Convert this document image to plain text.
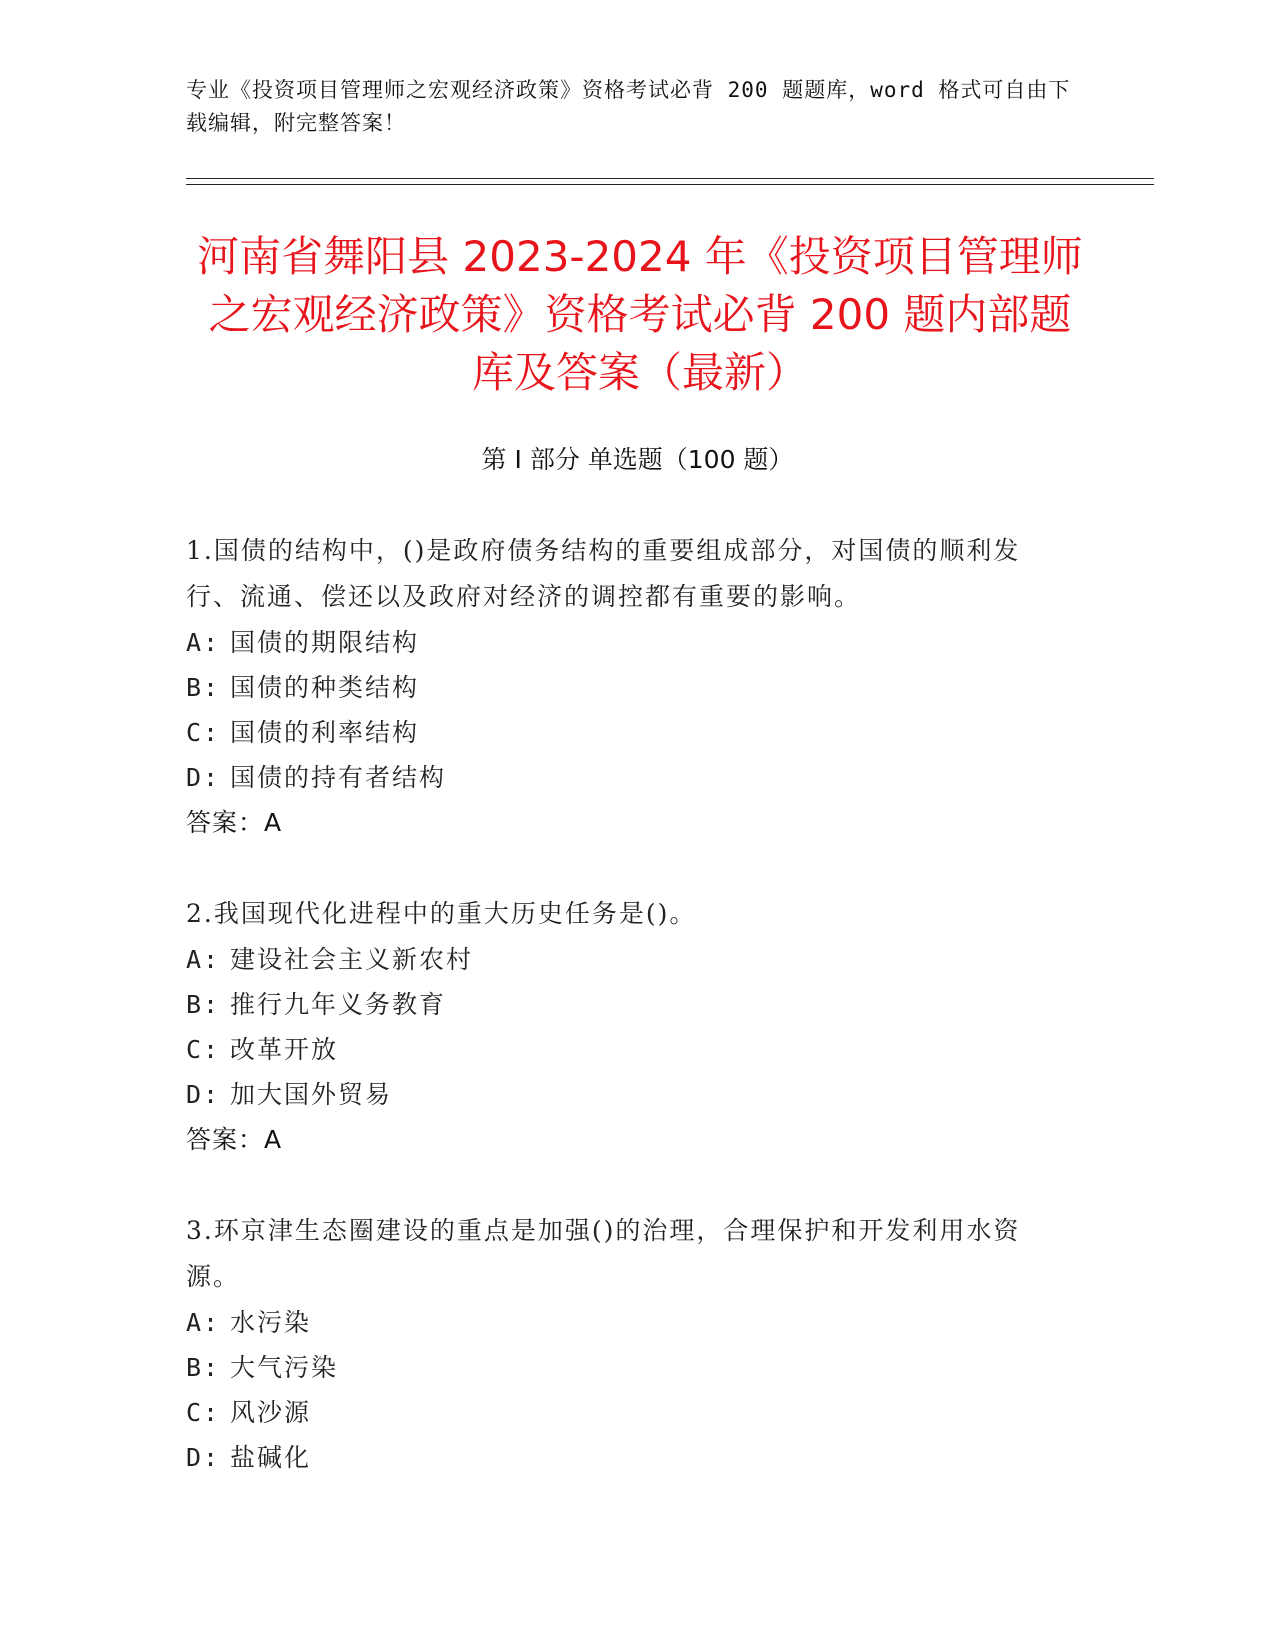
专业《投资项目管理师之宏观经济政策》资格考试必背 200 题题库，word 格式可自由下载编辑，附完整答案！
河南省舞阳县 2023-2024 年《投资项目管理师之宏观经济政策》资格考试必背 200 题内部题库及答案（最新）
第 I 部分 单选题（100 题）
1.国债的结构中，()是政府债务结构的重要组成部分，对国债的顺利发行、流通、偿还以及政府对经济的调控都有重要的影响。
A: 国债的期限结构
B: 国债的种类结构
C: 国债的利率结构
D: 国债的持有者结构
答案：A
2.我国现代化进程中的重大历史任务是()。
A: 建设社会主义新农村
B: 推行九年义务教育
C: 改革开放
D: 加大国外贸易
答案：A
3.环京津生态圈建设的重点是加强()的治理，合理保护和开发利用水资源。
A: 水污染
B: 大气污染
C: 风沙源
D: 盐碱化
